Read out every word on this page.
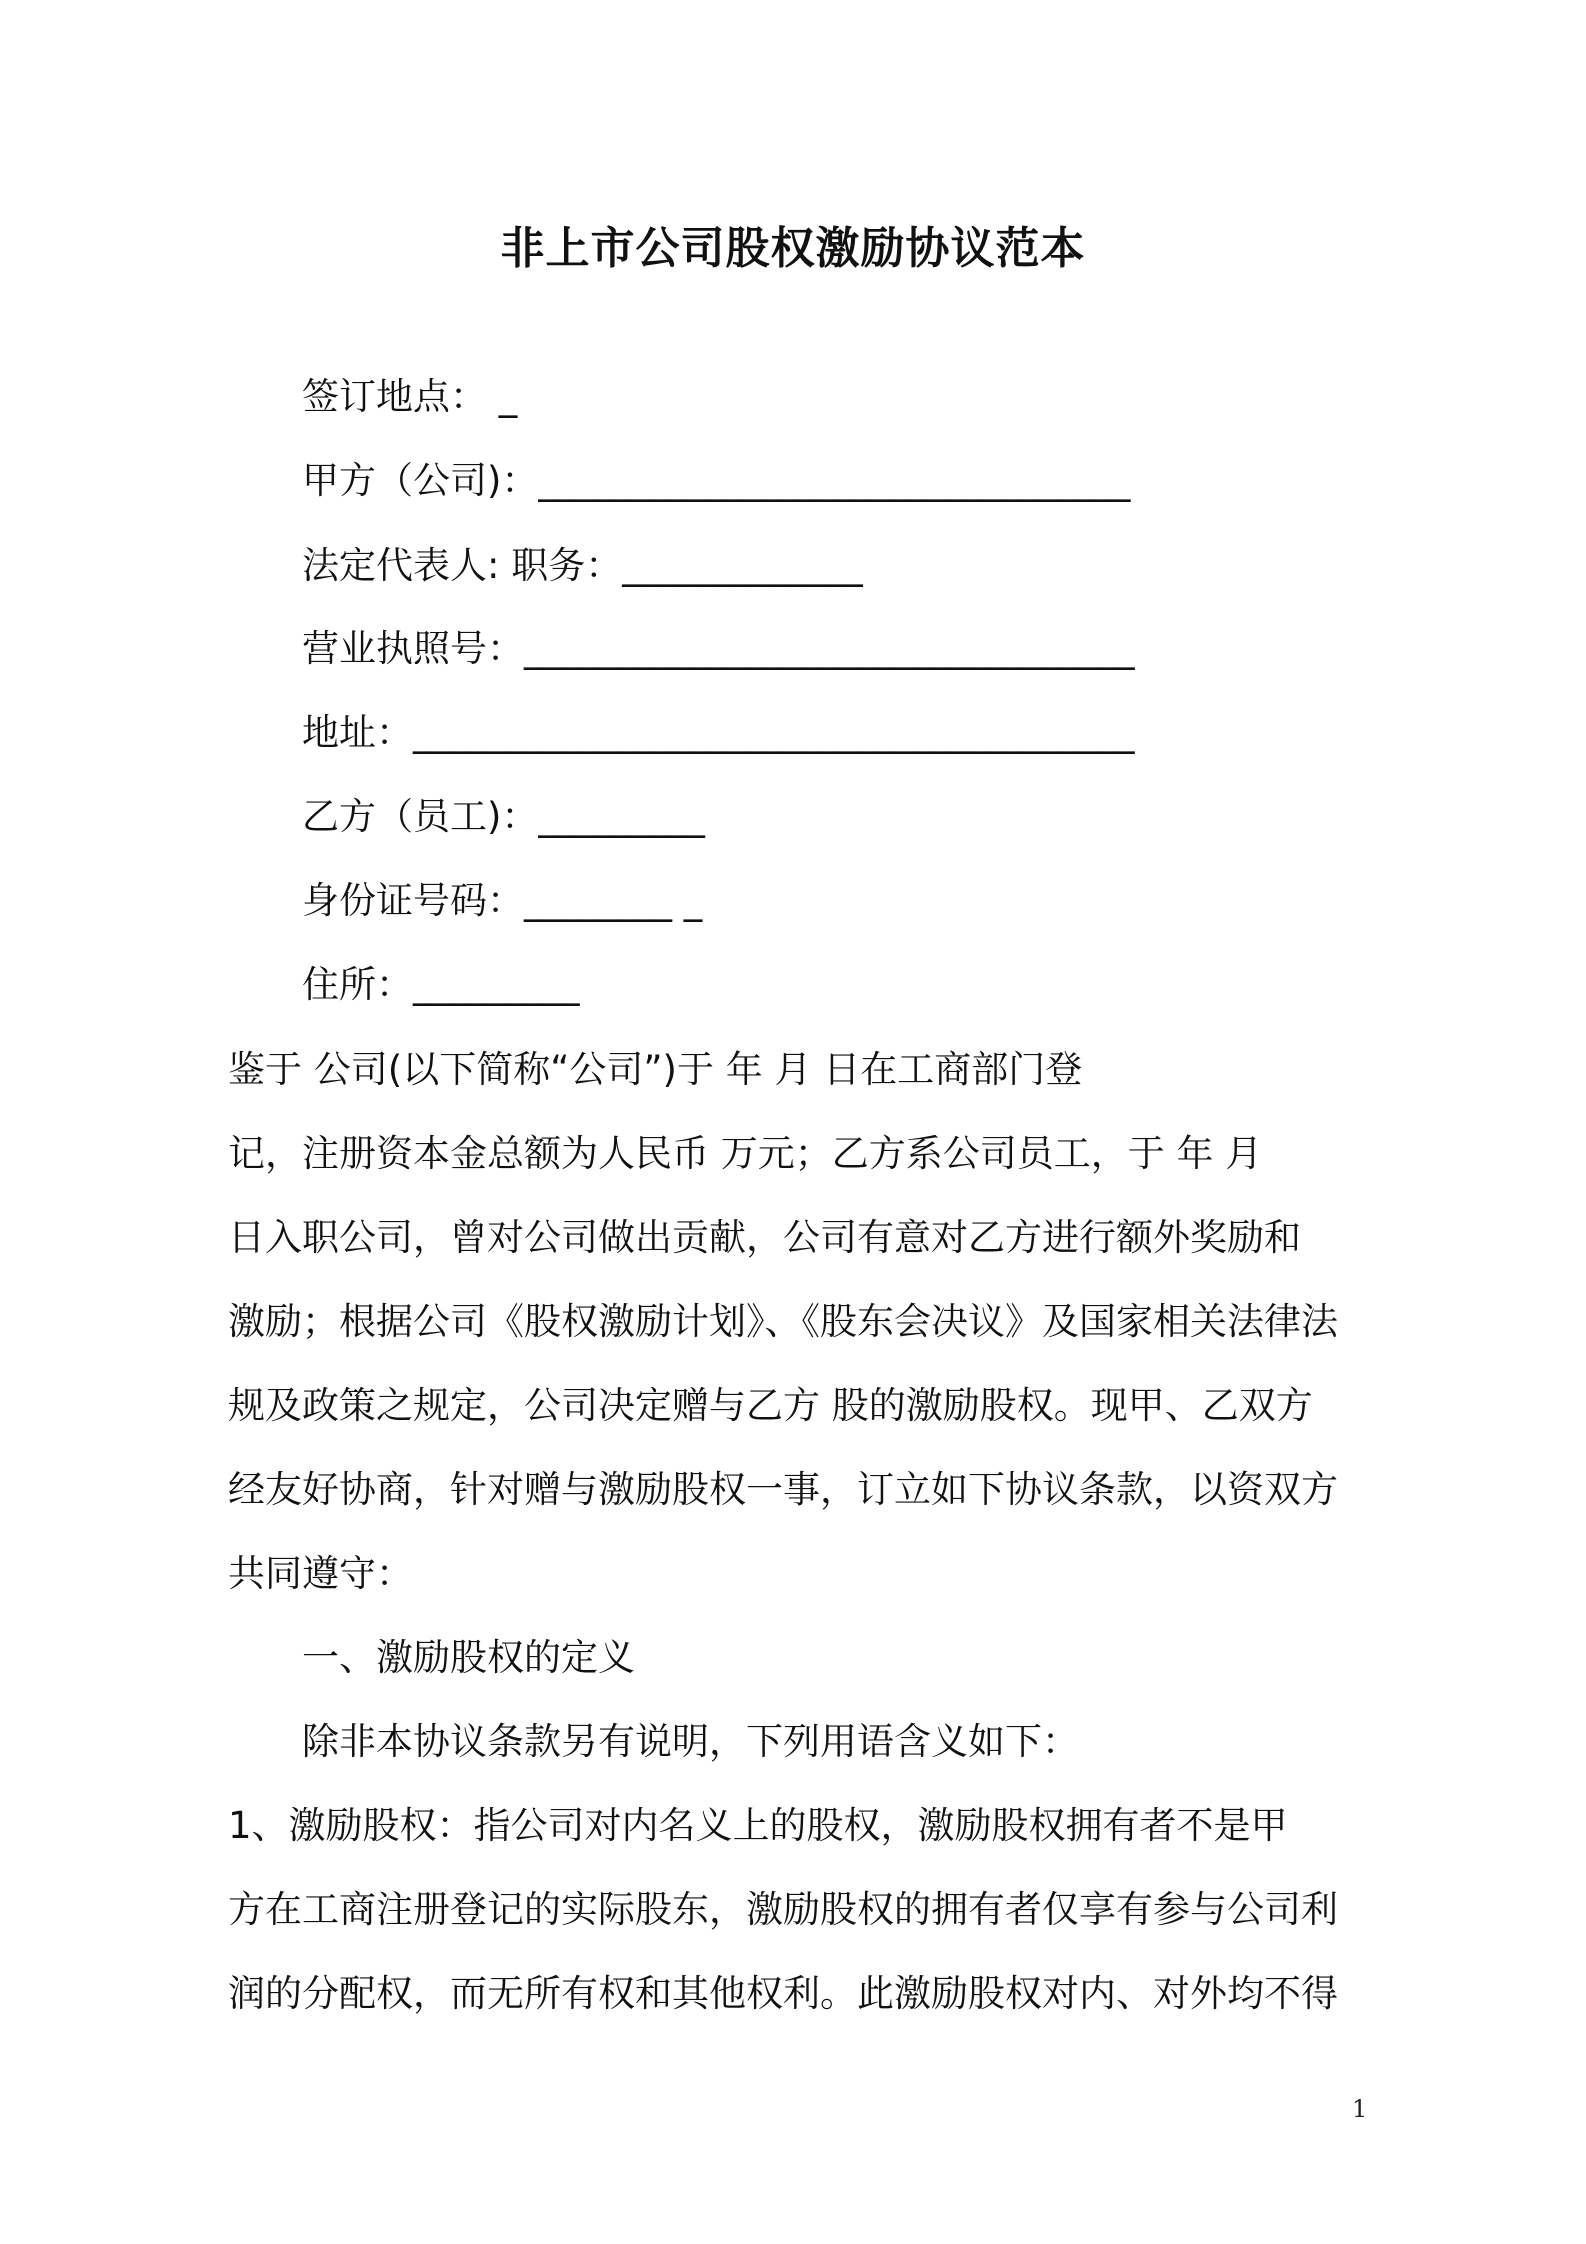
非上市公司股权激励协议范本
签订地点： _
甲方（公司)：________________________________
法定代表人: 职务：_____________
营业执照号：_________________________________
地址：_______________________________________
乙方（员工)：_________
身份证号码：________ _
住所：_________
鉴于 公司(以下简称“公司”)于 年 月 日在工商部门登
记，注册资本金总额为人民币 万元；乙方系公司员工，于 年 月
日入职公司，曾对公司做出贡献，公司有意对乙方进行额外奖励和
激励；根据公司《股权激励计划》、《股东会决议》及国家相关法律法
规及政策之规定，公司决定赠与乙方 股的激励股权。现甲、乙双方
经友好协商，针对赠与激励股权一事，订立如下协议条款，以资双方
共同遵守：
一、激励股权的定义
除非本协议条款另有说明，下列用语含义如下：
1、激励股权：指公司对内名义上的股权，激励股权拥有者不是甲
方在工商注册登记的实际股东，激励股权的拥有者仅享有参与公司利
润的分配权，而无所有权和其他权利。此激励股权对内、对外均不得
1
